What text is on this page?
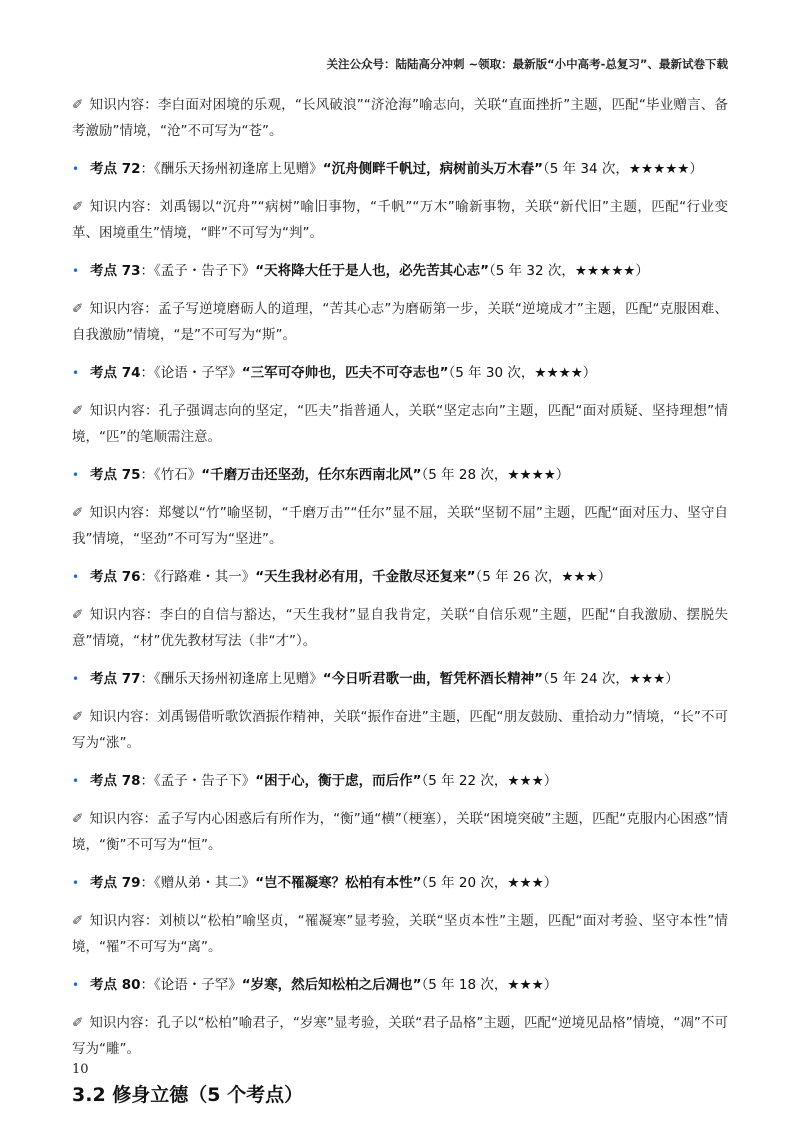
关注公众号：陆陆高分冲刺 ~领取：最新版“小中高考-总复习”、最新试卷下载

✐ 知识内容：李白面对困境的乐观，“长风破浪”“济沧海”喻志向，关联“直面挫折”主题，匹配“毕业赠言、备考激励”情境，“沧”不可写为“苍”。

• 考点 72：《酬乐天扬州初逢席上见赠》“沉舟侧畔千帆过，病树前头万木春”（5 年 34 次，★★★★★）

✐ 知识内容：刘禹锡以“沉舟”“病树”喻旧事物，“千帆”“万木”喻新事物，关联“新代旧”主题，匹配“行业变革、困境重生”情境，“畔”不可写为“判”。

• 考点 73：《孟子・告子下》“天将降大任于是人也，必先苦其心志”（5 年 32 次，★★★★★）

✐ 知识内容：孟子写逆境磨砺人的道理，“苦其心志”为磨砺第一步，关联“逆境成才”主题，匹配“克服困难、自我激励”情境，“是”不可写为“斯”。

• 考点 74：《论语・子罕》“三军可夺帅也，匹夫不可夺志也”（5 年 30 次，★★★★）

✐ 知识内容：孔子强调志向的坚定，“匹夫”指普通人，关联“坚定志向”主题，匹配“面对质疑、坚持理想”情境，“匹”的笔顺需注意。

• 考点 75：《竹石》“千磨万击还坚劲，任尔东西南北风”（5 年 28 次，★★★★）

✐ 知识内容：郑燮以“竹”喻坚韧，“千磨万击”“任尔”显不屈，关联“坚韧不屈”主题，匹配“面对压力、坚守自我”情境，“坚劲”不可写为“坚进”。

• 考点 76：《行路难・其一》“天生我材必有用，千金散尽还复来”（5 年 26 次，★★★）

✐ 知识内容：李白的自信与豁达，“天生我材”显自我肯定，关联“自信乐观”主题，匹配“自我激励、摆脱失意”情境，“材”优先教材写法（非“才”）。

• 考点 77：《酬乐天扬州初逢席上见赠》“今日听君歌一曲，暂凭杯酒长精神”（5 年 24 次，★★★）

✐ 知识内容：刘禹锡借听歌饮酒振作精神，关联“振作奋进”主题，匹配“朋友鼓励、重拾动力”情境，“长”不可写为“涨”。

• 考点 78：《孟子・告子下》“困于心，衡于虑，而后作”（5 年 22 次，★★★）

✐ 知识内容：孟子写内心困惑后有所作为，“衡”通“横”（梗塞），关联“困境突破”主题，匹配“克服内心困惑”情境，“衡”不可写为“恒”。

• 考点 79：《赠从弟・其二》“岂不罹凝寒？松柏有本性”（5 年 20 次，★★★）

✐ 知识内容：刘桢以“松柏”喻坚贞，“罹凝寒”显考验，关联“坚贞本性”主题，匹配“面对考验、坚守本性”情境，“罹”不可写为“离”。

• 考点 80：《论语・子罕》“岁寒，然后知松柏之后凋也”（5 年 18 次，★★★）

✐ 知识内容：孔子以“松柏”喻君子，“岁寒”显考验，关联“君子品格”主题，匹配“逆境见品格”情境，“凋”不可写为“雕”。

3.2 修身立德（5 个考点）
10
